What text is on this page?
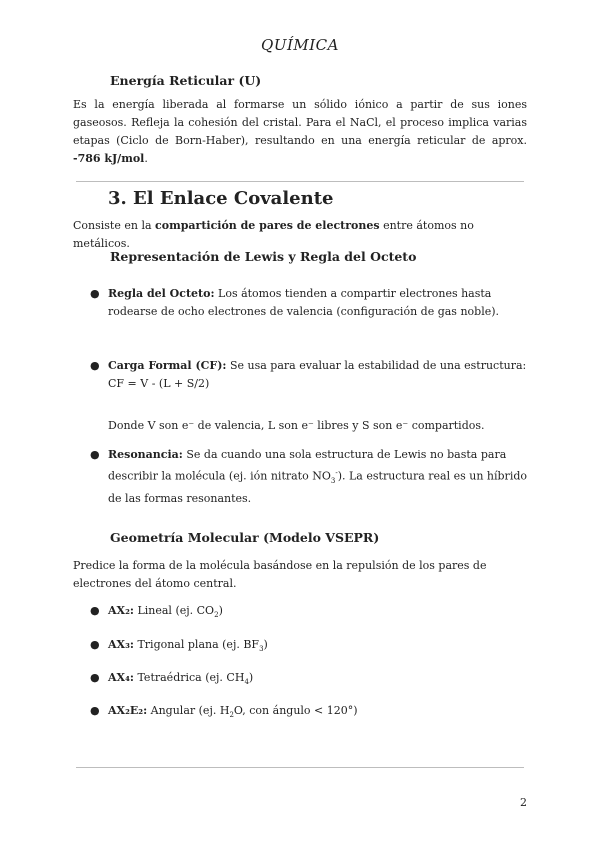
QUÍMICA
Energía Reticular (U)

Es la energía liberada al formarse un sólido iónico a partir de sus iones gaseosos. Refleja la cohesión del cristal. Para el NaCl, el proceso implica varias etapas (Ciclo de Born-Haber), resultando en una energía reticular de aprox. -786 kJ/mol.

3. El Enlace Covalente

Consiste en la compartición de pares de electrones entre átomos no metálicos.

Representación de Lewis y Regla del Octeto
● Regla del Octeto: Los átomos tienden a compartir electrones hasta rodearse de ocho electrones de valencia (configuración de gas noble).
● Carga Formal (CF): Se usa para evaluar la estabilidad de una estructura:
CF = V - (L + S/2)
Donde V son e⁻ de valencia, L son e⁻ libres y S son e⁻ compartidos.
● Resonancia: Se da cuando una sola estructura de Lewis no basta para describir la molécula (ej. ión nitrato $NO_3^-$). La estructura real es un híbrido de las formas resonantes.
Geometría Molecular (Modelo VSEPR)

Predice la forma de la molécula basándose en la repulsión de los pares de electrones del átomo central.

● AX₂: Lineal (ej. $CO_2$)
● AX₃: Trigonal plana (ej. $BF_3$)
● AX₄: Tetraédrica (ej. $CH_4$)
● AX₂E₂: Angular (ej. $H_2O$, con ángulo < 120°)
2
